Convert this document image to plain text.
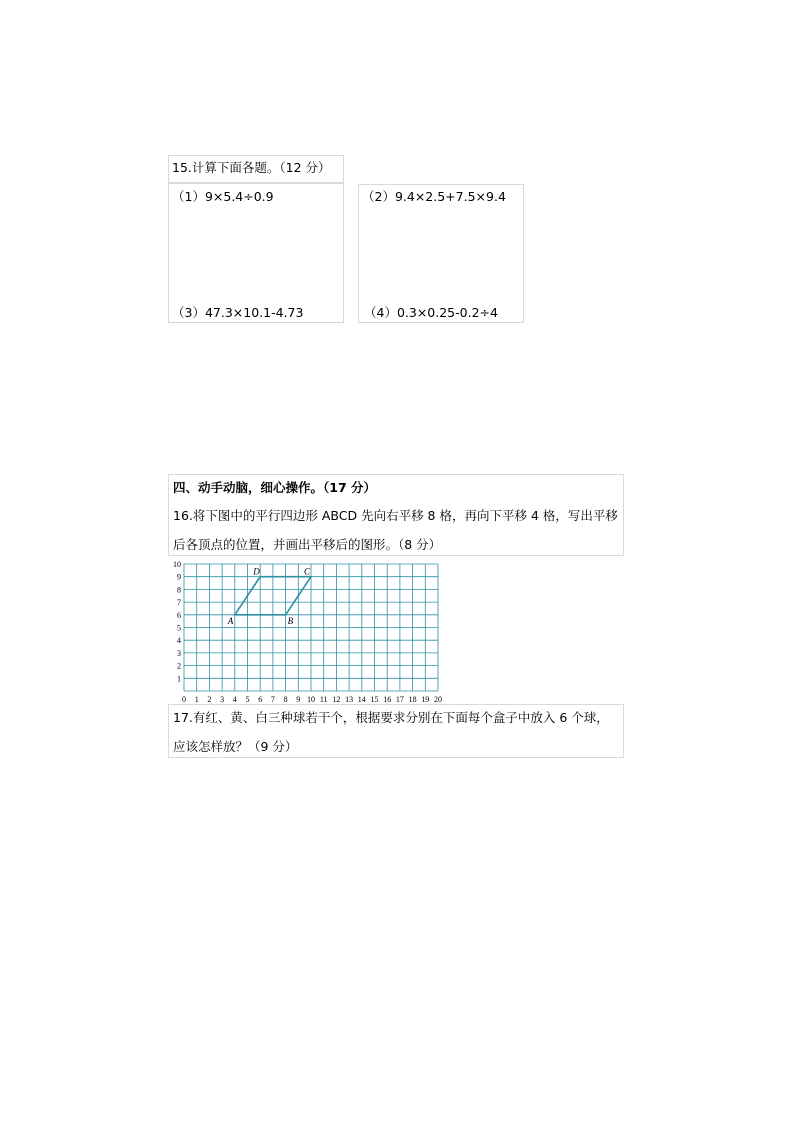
15.计算下面各题。（12 分）
（1）9×5.4÷0.9	（2）9.4×2.5+7.5×9.4
（3）47.3×10.1-4.73	（4）0.3×0.25-0.2÷4
四、动手动脑，细心操作。（17 分）
16.将下图中的平行四边形 ABCD 先向右平移 8 格，再向下平移 4 格，写出平移
后各顶点的位置，并画出平移后的图形。（8 分）
0 1 2 3 4 5 6 7 8 9 10 11 12 13 14 15 16 17 18 19 20
1
2
3
4
5
6
7
8
9
10
A	B
C
D
17.有红、黄、白三种球若干个，根据要求分别在下面每个盒子中放入 6 个球，
应该怎样放？（9 分）
